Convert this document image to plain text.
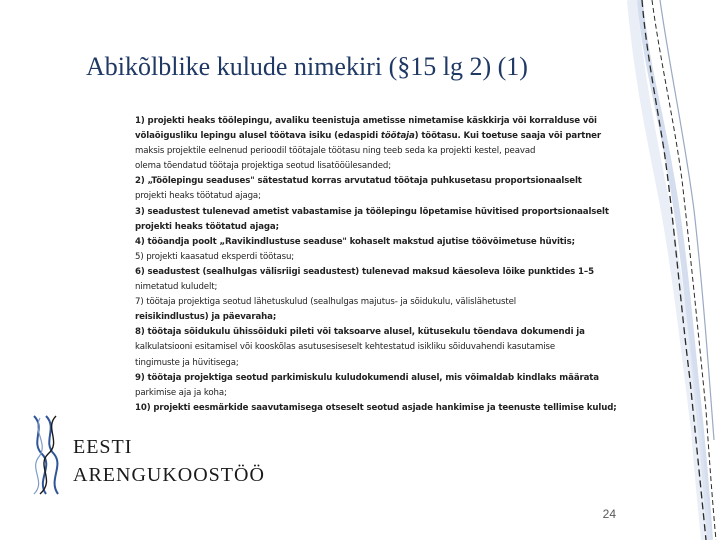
Abikõlblike kulude nimekiri (§15 lg 2) (1)
1) projekti heaks töölepingu, avaliku teenistuja ametisse nimetamise käskkirja või korralduse või
võlaõigusliku lepingu alusel töötava isiku (edaspidi töötaja) töötasu. Kui toetuse saaja või partner
maksis projektile eelnenud perioodil töötajale töötasu ning teeb seda ka projekti kestel, peavad
olema tõendatud töötaja projektiga seotud lisatööülesanded;
2) „Töölepingu seaduses" sätestatud korras arvutatud töötaja puhkusetasu proportsionaalselt
projekti heaks töötatud ajaga;
3) seadustest tulenevad ametist vabastamise ja töölepingu lõpetamise hüvitised proportsionaalselt
projekti heaks töötatud ajaga;
4) tööandja poolt „Ravikindlustuse seaduse" kohaselt makstud ajutise töövõimetuse hüvitis;
5) projekti kaasatud eksperdi töötasu;
6) seadustest (sealhulgas välisriigi seadustest) tulenevad maksud käesoleva lõike punktides 1–5
nimetatud kuludelt;
7) töötaja projektiga seotud lähetuskulud (sealhulgas majutus- ja sõidukulu, välislähetustel
reisikindlustus) ja päevaraha;
8) töötaja sõidukulu ühissõiduki pileti või taksoarve alusel, kütusekulu tõendava dokumendi ja
kalkulatsiooni esitamisel või kooskõlas asutusesiseselt kehtestatud isikliku sõiduvahendi kasutamise
tingimuste ja hüvitisega;
9) töötaja projektiga seotud parkimiskulu kuludokumendi alusel, mis võimaldab kindlaks määrata
parkimise aja ja koha;
10) projekti eesmärkide saavutamisega otseselt seotud asjade hankimise ja teenuste tellimise kulud;
EESTI
ARENGUKOOSTÖÖ
24
